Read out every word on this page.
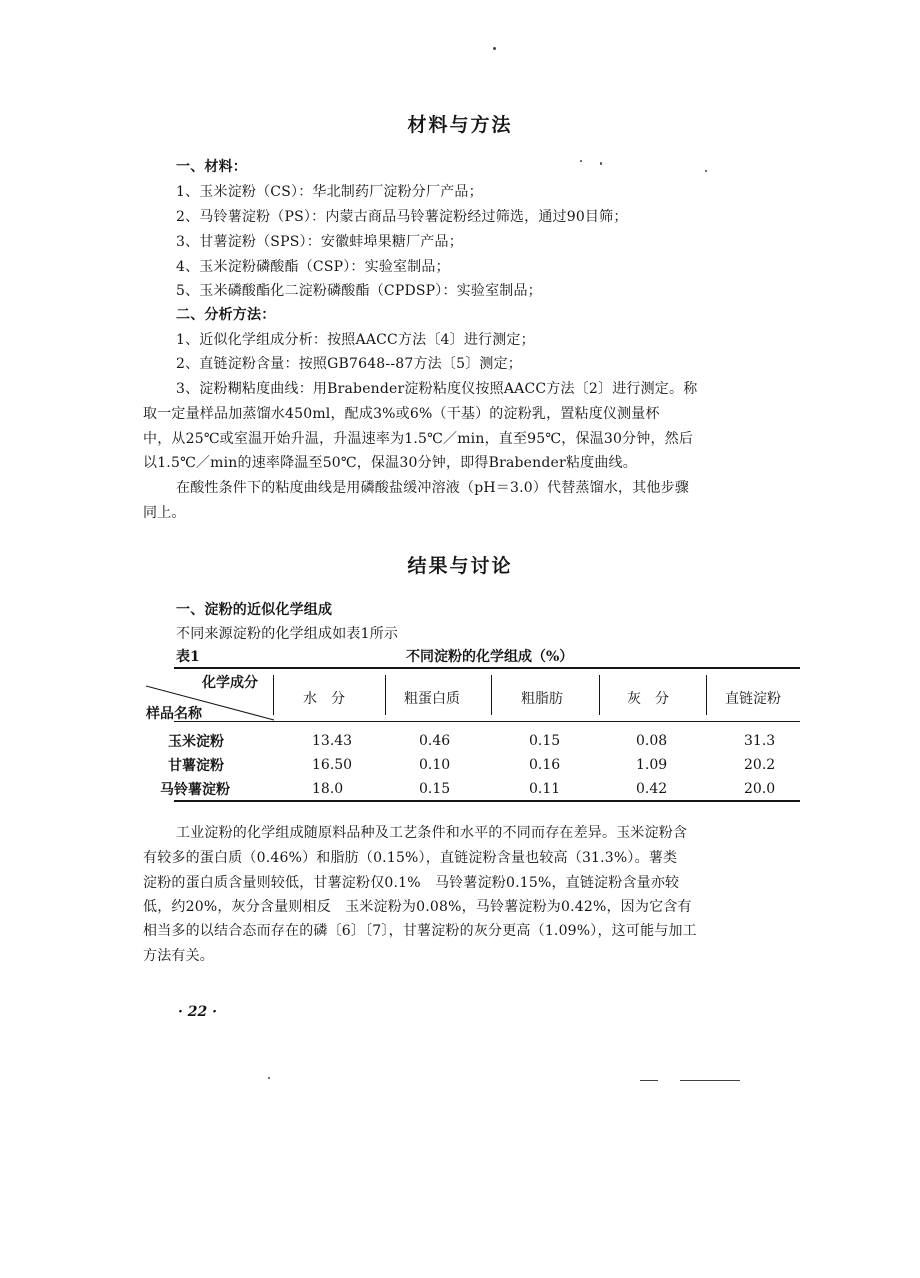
材料与方法
一、材料：
1、玉米淀粉（CS）：华北制药厂淀粉分厂产品；
2、马铃薯淀粉（PS）：内蒙古商品马铃薯淀粉经过筛选，通过90目筛；
3、甘薯淀粉（SPS）：安徽蚌埠果糖厂产品；
4、玉米淀粉磷酸酯（CSP）：实验室制品；
5、玉米磷酸酯化二淀粉磷酸酯（CPDSP）：实验室制品；
二、分析方法：
1、近似化学组成分析：按照AACC方法〔4〕进行测定；
2、直链淀粉含量：按照GB7648--87方法〔5〕测定；
3、淀粉糊粘度曲线：用Brabender淀粉粘度仪按照AACC方法〔2〕进行测定。称
取一定量样品加蒸馏水450ml，配成3%或6%（干基）的淀粉乳，置粘度仪测量杯
中，从25℃或室温开始升温，升温速率为1.5℃／min，直至95℃，保温30分钟，然后
以1.5℃／min的速率降温至50℃，保温30分钟，即得Brabender粘度曲线。
在酸性条件下的粘度曲线是用磷酸盐缓冲溶液（pH＝3.0）代替蒸馏水，其他步骤
同上。
结果与讨论
一、淀粉的近似化学组成
不同来源淀粉的化学组成如表1所示
表1	不同淀粉的化学组成（%）
化学成分
样品名称
水　分	粗蛋白质	粗脂肪	灰　分	直链淀粉
玉米淀粉	13.43	0.46	0.15	0.08	31.3
甘薯淀粉	16.50	0.10	0.16	1.09	20.2
马铃薯淀粉	18.0	0.15	0.11	0.42	20.0
工业淀粉的化学组成随原料品种及工艺条件和水平的不同而存在差异。玉米淀粉含
有较多的蛋白质（0.46%）和脂肪（0.15%），直链淀粉含量也较高（31.3%）。薯类
淀粉的蛋白质含量则较低，甘薯淀粉仅0.1%　马铃薯淀粉0.15%，直链淀粉含量亦较
低，约20%，灰分含量则相反　玉米淀粉为0.08%，马铃薯淀粉为0.42%，因为它含有
相当多的以结合态而存在的磷〔6〕〔7〕，甘薯淀粉的灰分更高（1.09%），这可能与加工
方法有关。
· 22 ·
